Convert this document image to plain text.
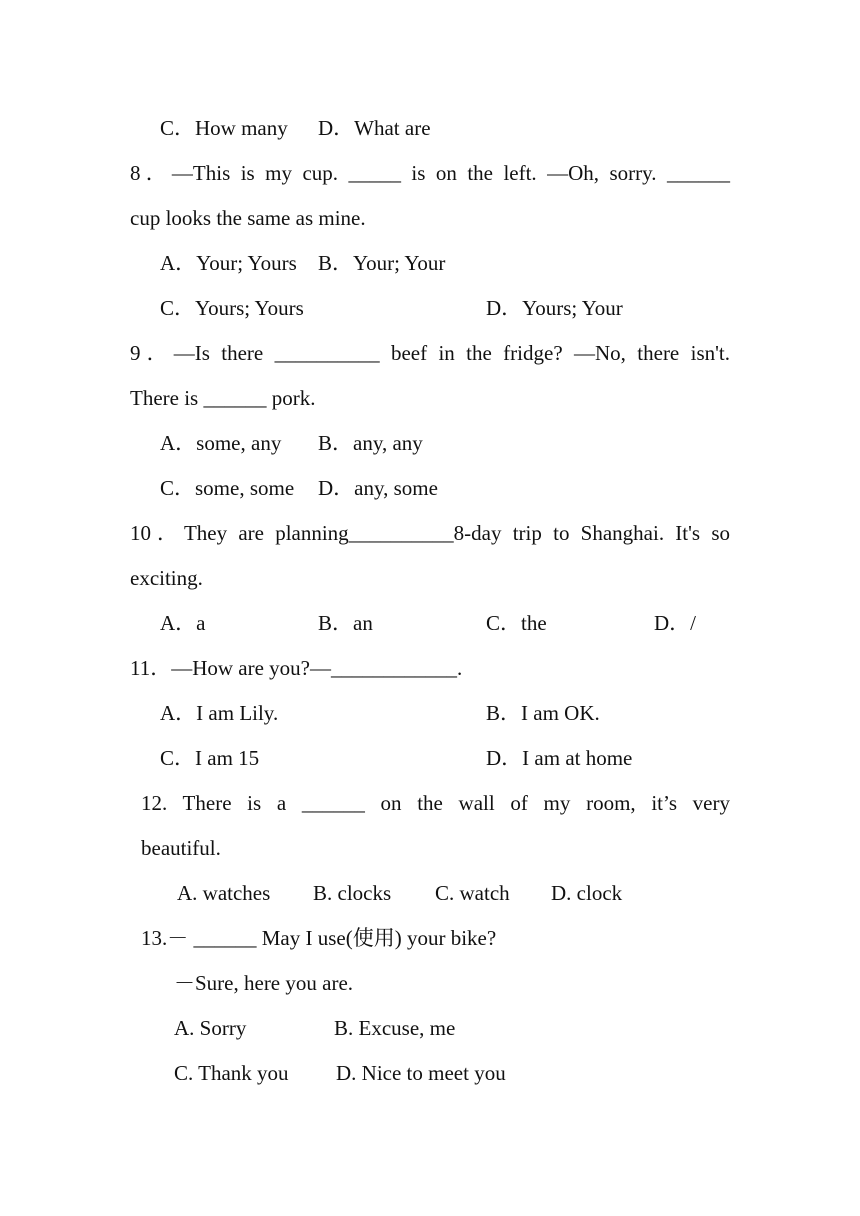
C．How many D．What are
8．—This is my cup. _____ is on the left. —Oh, sorry. ______
cup looks the same as mine.
A．Your; Yours B．Your; Your
C．Yours; Yours	D．Yours; Your
9．—Is there __________ beef in the fridge? —No, there isn't.
There is ______ pork.
A．some, any B．any, any
C．some, some D．any, some
10．They are planning__________8-day trip to Shanghai. It's so
exciting.
A．a	B．an	C．the	D．/
11．—How are you?—____________.
A．I am Lily.	B．I am OK.
C．I am 15	D．I am at home
12. There is a ______ on the wall of my room, it’s very
beautiful.
A. watches B. clocks C. watch D. clock
13.－ ______ May I use(使用) your bike?
－Sure, here you are.
A. Sorry	B. Excuse, me
C. Thank you D. Nice to meet you
